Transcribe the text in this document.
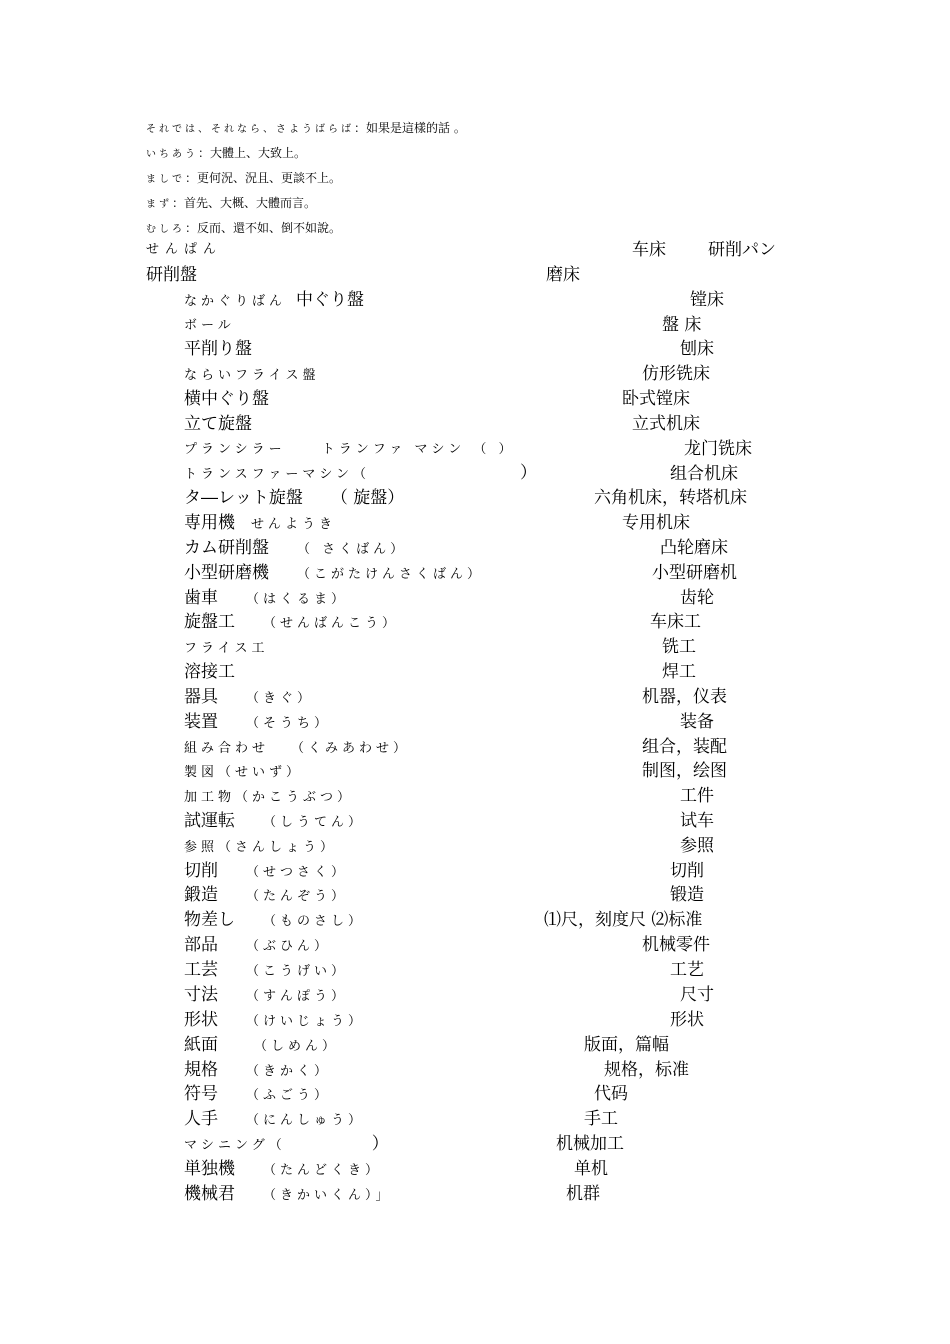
それでは、それなら、さようばらば：如果是這樣的話 。
いちあう：大體上、大致上。
ましで：更何況、況且、更談不上。
まず：首先、大概、大體而言。
むしろ：反而、還不如、倒不如說。
せんぱん	车床 研削パン
研削盤	磨床
なかぐりばん 中ぐり盤	镗床
ボール	盤 床
平削り盤	刨床
ならいフライス盤	仿形铣床
横中ぐり盤	卧式镗床
立て旋盤	立式机床
プランシラー	トランファ マシン （ ）	龙门铣床
トランスファーマシン（	）	组合机床
タ―レット旋盤 （ 旋盤）	六角机床，转塔机床
専用機 せんようき	专用机床
カム研削盤 （ さくばん）	凸轮磨床
小型研磨機 （こがたけんさくばん）	小型研磨机
歯車 （はくるま）	齿轮
旋盤工 （せんばんこう）	车床工
フライス工	铣工
溶接工	焊工
器具 （きぐ）	机器，仪表
装置 （そうち）	装备
組み合わせ （くみあわせ）	组合，装配
製図（せいず）	制图，绘图
加工物（かこうぶつ）	工件
試運転 （しうてん）	试车
参照（さんしょう）	参照
切削 （せつさく）	切削
鍛造 （たんぞう）	锻造
物差し （ものさし）	⑴尺，刻度尺 ⑵标准
部品 （ぶひん）	机械零件
工芸 （こうげい）	工艺
寸法 （すんぽう）	尺寸
形状 （けいじょう）	形状
紙面	（しめん）	版面，篇幅
規格 （きかく）	规格，标准
符号 （ふごう）	代码
人手 （にんしゅう）	手工
マシニング（	）	机械加工
単独機 （たんどくき）	单机
機械君 （きかいくん）」	机群
